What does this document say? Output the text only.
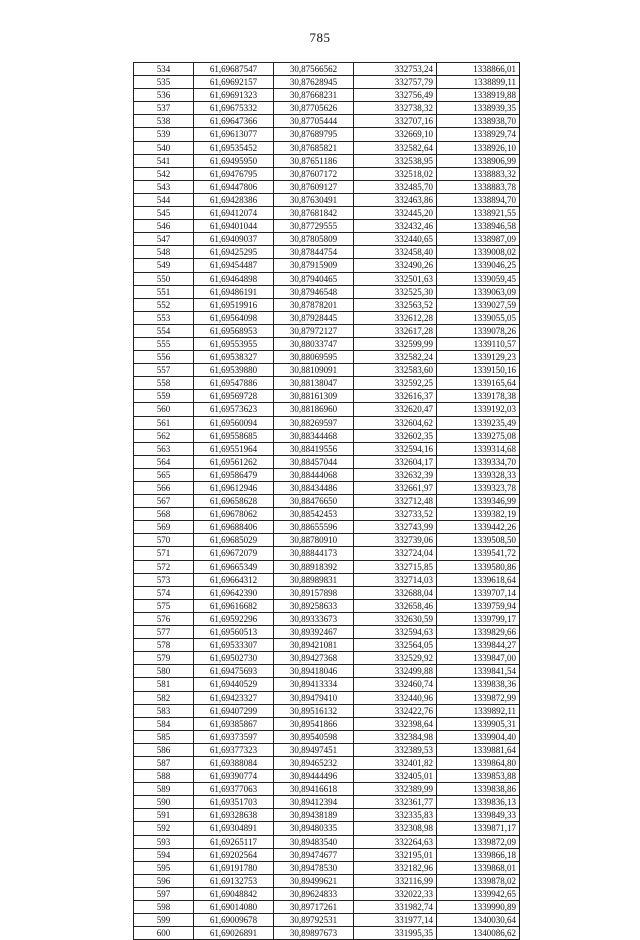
785
534	61,69687547	30,87566562	332753,24	1338866,01
535	61,69692157	30,87628945	332757,79	1338899,11
536	61,69691323	30,87668231	332756,49	1338919,88
537	61,69675332	30,87705626	332738,32	1338939,35
538	61,69647366	30,87705444	332707,16	1338938,70
539	61,69613077	30,87689795	332669,10	1338929,74
540	61,69535452	30,87685821	332582,64	1338926,10
541	61,69495950	30,87651186	332538,95	1338906,99
542	61,69476795	30,87607172	332518,02	1338883,32
543	61,69447806	30,87609127	332485,70	1338883,78
544	61,69428386	30,87630491	332463,86	1338894,70
545	61,69412074	30,87681842	332445,20	1338921,55
546	61,69401044	30,87729555	332432,46	1338946,58
547	61,69409037	30,87805809	332440,65	1338987,09
548	61,69425295	30,87844754	332458,40	1339008,02
549	61,69454487	30,87915909	332490,26	1339046,25
550	61,69464898	30,87940465	332501,63	1339059,45
551	61,69486191	30,87946548	332525,30	1339063,09
552	61,69519916	30,87878201	332563,52	1339027,59
553	61,69564098	30,87928445	332612,28	1339055,05
554	61,69568953	30,87972127	332617,28	1339078,26
555	61,69553955	30,88033747	332599,99	1339110,57
556	61,69538327	30,88069595	332582,24	1339129,23
557	61,69539880	30,88109091	332583,60	1339150,16
558	61,69547886	30,88138047	332592,25	1339165,64
559	61,69569728	30,88161309	332616,37	1339178,38
560	61,69573623	30,88186960	332620,47	1339192,03
561	61,69560094	30,88269597	332604,62	1339235,49
562	61,69558685	30,88344468	332602,35	1339275,08
563	61,69551964	30,88419556	332594,16	1339314,68
564	61,69561262	30,88457044	332604,17	1339334,70
565	61,69586479	30,88444068	332632,39	1339328,33
566	61,69612946	30,88434486	332661,97	1339323,78
567	61,69658628	30,88476650	332712,48	1339346,99
568	61,69678062	30,88542453	332733,52	1339382,19
569	61,69688406	30,88655596	332743,99	1339442,26
570	61,69685029	30,88780910	332739,06	1339508,50
571	61,69672079	30,88844173	332724,04	1339541,72
572	61,69665349	30,88918392	332715,85	1339580,86
573	61,69664312	30,88989831	332714,03	1339618,64
574	61,69642390	30,89157898	332688,04	1339707,14
575	61,69616682	30,89258633	332658,46	1339759,94
576	61,69592296	30,89333673	332630,59	1339799,17
577	61,69560513	30,89392467	332594,63	1339829,66
578	61,69533307	30,89421081	332564,05	1339844,27
579	61,69502730	30,89427368	332529,92	1339847,00
580	61,69475693	30,89418046	332499,88	1339841,54
581	61,69440529	30,89413334	332460,74	1339838,36
582	61,69423327	30,89479410	332440,96	1339872,99
583	61,69407299	30,89516132	332422,76	1339892,11
584	61,69385867	30,89541866	332398,64	1339905,31
585	61,69373597	30,89540598	332384,98	1339904,40
586	61,69377323	30,89497451	332389,53	1339881,64
587	61,69388084	30,89465232	332401,82	1339864,80
588	61,69390774	30,89444496	332405,01	1339853,88
589	61,69377063	30,89416618	332389,99	1339838,86
590	61,69351703	30,89412394	332361,77	1339836,13
591	61,69328638	30,89438189	332335,83	1339849,33
592	61,69304891	30,89480335	332308,98	1339871,17
593	61,69265117	30,89483540	332264,63	1339872,09
594	61,69202564	30,89474677	332195,01	1339866,18
595	61,69191780	30,89478530	332182,96	1339868,01
596	61,69132753	30,89499621	332116,99	1339878,02
597	61,69048842	30,89624833	332022,33	1339942,65
598	61,69014080	30,89717261	331982,74	1339990,89
599	61,69009678	30,89792531	331977,14	1340030,64
600	61,69026891	30,89897673	331995,35	1340086,62
